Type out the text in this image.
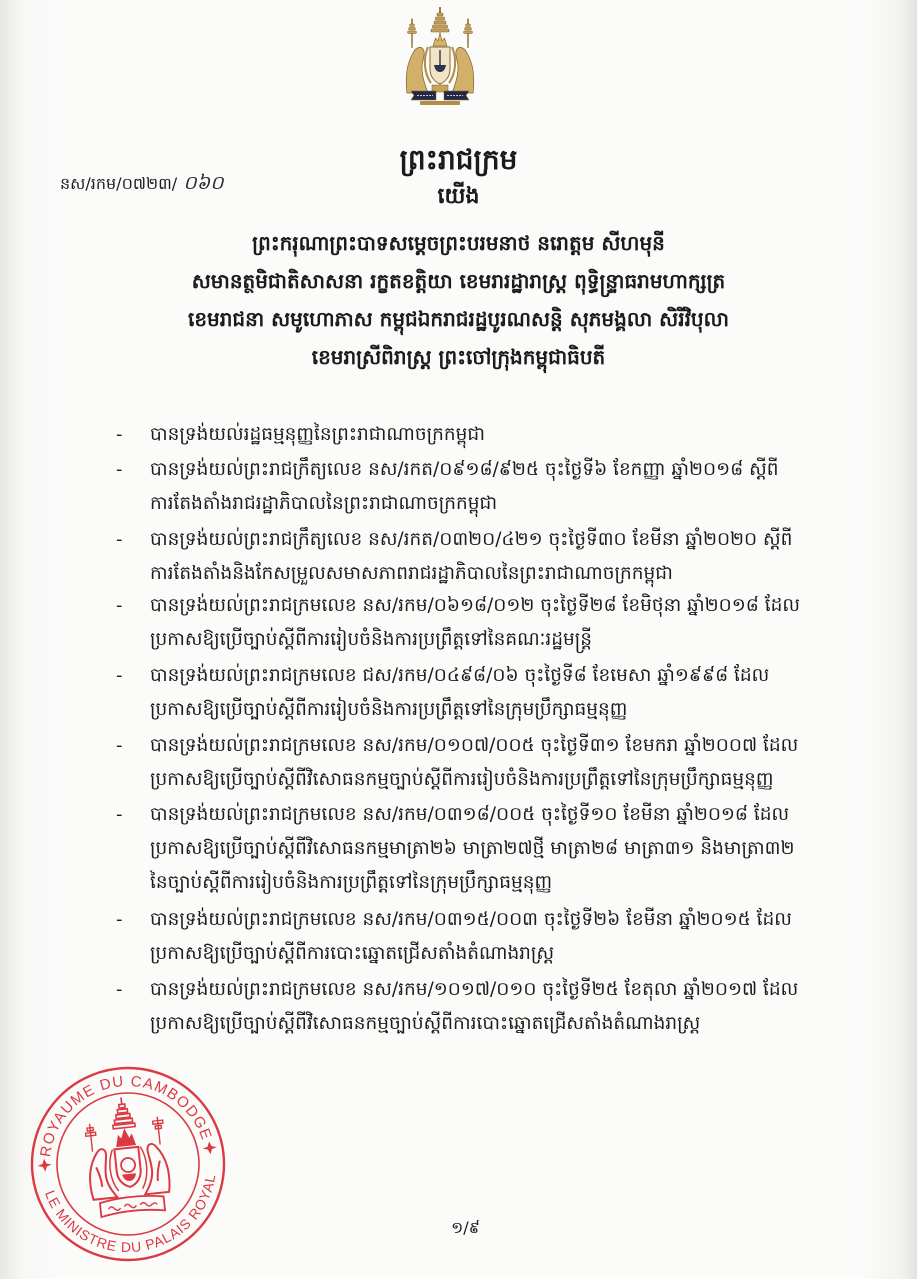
ព្រះរាជក្រម
នស/រកម/០៧២៣/ ០៦០
យើង
ព្រះករុណាព្រះបាទសម្តេចព្រះបរមនាថ នរោត្តម សីហមុនី
សមានត្ថមិជាតិសាសនា រក្ខតខត្តិយា ខេមរារដ្ឋារាស្ត្រ ពុទ្ធិន្ទ្រាធរាមហាក្សត្រ
ខេមរាជនា សមូហោភាស កម្ពុជឯករាជរដ្ឋបូរណសន្តិ សុភមង្គលា សិរីវិបុលា
ខេមរាស្រីពិរាស្ត្រ ព្រះចៅក្រុងកម្ពុជាធិបតី
-	បានទ្រង់យល់រដ្ឋធម្មនុញ្ញនៃព្រះរាជាណាចក្រកម្ពុជា
-	បានទ្រង់យល់ព្រះរាជក្រឹត្យលេខ នស/រកត/០៩១៨/៩២៥ ចុះថ្ងៃទី៦ ខែកញ្ញា ឆ្នាំ២០១៨ ស្តីពី
ការតែងតាំងរាជរដ្ឋាភិបាលនៃព្រះរាជាណាចក្រកម្ពុជា
-	បានទ្រង់យល់ព្រះរាជក្រឹត្យលេខ នស/រកត/០៣២០/៤២១ ចុះថ្ងៃទី៣០ ខែមីនា ឆ្នាំ២០២០ ស្តីពី
ការតែងតាំងនិងកែសម្រួលសមាសភាពរាជរដ្ឋាភិបាលនៃព្រះរាជាណាចក្រកម្ពុជា
-	បានទ្រង់យល់ព្រះរាជក្រមលេខ នស/រកម/០៦១៨/០១២ ចុះថ្ងៃទី២៨ ខែមិថុនា ឆ្នាំ២០១៨ ដែល
ប្រកាសឱ្យប្រើច្បាប់ស្តីពីការរៀបចំនិងការប្រព្រឹត្តទៅនៃគណៈរដ្ឋមន្ត្រី
-	បានទ្រង់យល់ព្រះរាជក្រមលេខ ជស/រកម/០៤៩៨/០៦ ចុះថ្ងៃទី៨ ខែមេសា ឆ្នាំ១៩៩៨ ដែល
ប្រកាសឱ្យប្រើច្បាប់ស្តីពីការរៀបចំនិងការប្រព្រឹត្តទៅនៃក្រុមប្រឹក្សាធម្មនុញ្ញ
-	បានទ្រង់យល់ព្រះរាជក្រមលេខ នស/រកម/០១០៧/០០៥ ចុះថ្ងៃទី៣១ ខែមករា ឆ្នាំ២០០៧ ដែល
ប្រកាសឱ្យប្រើច្បាប់ស្តីពីវិសោធនកម្មច្បាប់ស្តីពីការរៀបចំនិងការប្រព្រឹត្តទៅនៃក្រុមប្រឹក្សាធម្មនុញ្ញ
-	បានទ្រង់យល់ព្រះរាជក្រមលេខ នស/រកម/០៣១៨/០០៥ ចុះថ្ងៃទី១០ ខែមីនា ឆ្នាំ២០១៨ ដែល
ប្រកាសឱ្យប្រើច្បាប់ស្តីពីវិសោធនកម្មមាត្រា២៦ មាត្រា២៧ថ្មី មាត្រា២៨ មាត្រា៣១ និងមាត្រា៣២
នៃច្បាប់ស្តីពីការរៀបចំនិងការប្រព្រឹត្តទៅនៃក្រុមប្រឹក្សាធម្មនុញ្ញ
-	បានទ្រង់យល់ព្រះរាជក្រមលេខ នស/រកម/០៣១៥/០០៣ ចុះថ្ងៃទី២៦ ខែមីនា ឆ្នាំ២០១៥ ដែល
ប្រកាសឱ្យប្រើច្បាប់ស្តីពីការបោះឆ្នោតជ្រើសតាំងតំណាងរាស្ត្រ
-	បានទ្រង់យល់ព្រះរាជក្រមលេខ នស/រកម/១០១៧/០១០ ចុះថ្ងៃទី២៥ ខែតុលា ឆ្នាំ២០១៧ ដែល
ប្រកាសឱ្យប្រើច្បាប់ស្តីពីវិសោធនកម្មច្បាប់ស្តីពីការបោះឆ្នោតជ្រើសតាំងតំណាងរាស្ត្រ
ROYAUME DU CAMBODGE
LE MINISTRE DU PALAIS ROYAL
១/៩
